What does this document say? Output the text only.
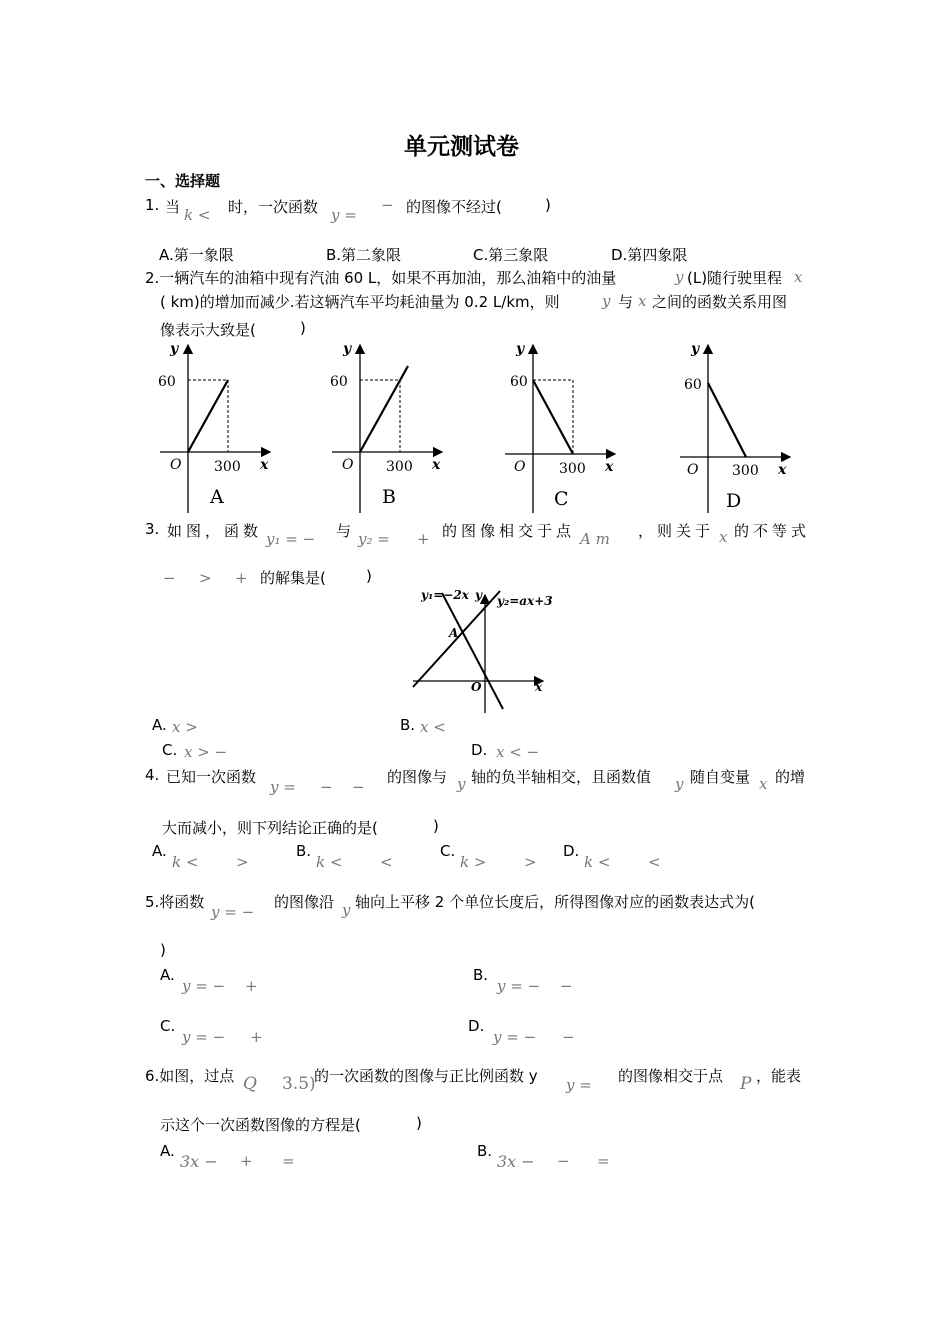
单元测试卷
一、选择题
1. 当 k < 时，一次函数 y =
− 的图像不经过(	)
A.第一象限	B.第二象限	C.第三象限	D.第四象限
2.一辆汽车的油箱中现有汽油 60 L，如果不再加油，那么油箱中的油量	y (L)随行驶里程 x
( km)的增加而减少.若这辆汽车平均耗油量为 0.2 L/km，则	y 与 x 之间的函数关系用图
像表示大致是(	)
y
60
O 300 x
A
y
60
O 300 x
B
y
60
O 300 x
C
y
60
O 300 x
D
3. 如图，函数 y₁ = − 与 y₂ = + 的图像相交于点 A m ，则关于 x 的不等式
− > + 的解集是(	)
y₁=−2x y y₂=ax+3
A
O	x
A. x >	B. x <
C. x > −	D. x < −
4. 已知一次函数
y = − −
的图像与 y 轴的负半轴相交，且函数值 y 随自变量 x 的增
大而减小，则下列结论正确的是(	)
A.
k <	>
B.
k <	<
C.
k >	>
D.
k <	<
5.将函数
y = −
的图像沿 y 轴向上平移 2 个单位长度后，所得图像对应的函数表达式为(
)
A.
y = − +
B.
y = − −
C.
y = − +
D.
y = − −
6.如图，过点 Q 3.5)
的一次函数的图像与正比例函数 y y = 的图像相交于点 P ，能表
示这个一次函数图像的方程是(	)
A.
3x − + =
B.
3x − − =
